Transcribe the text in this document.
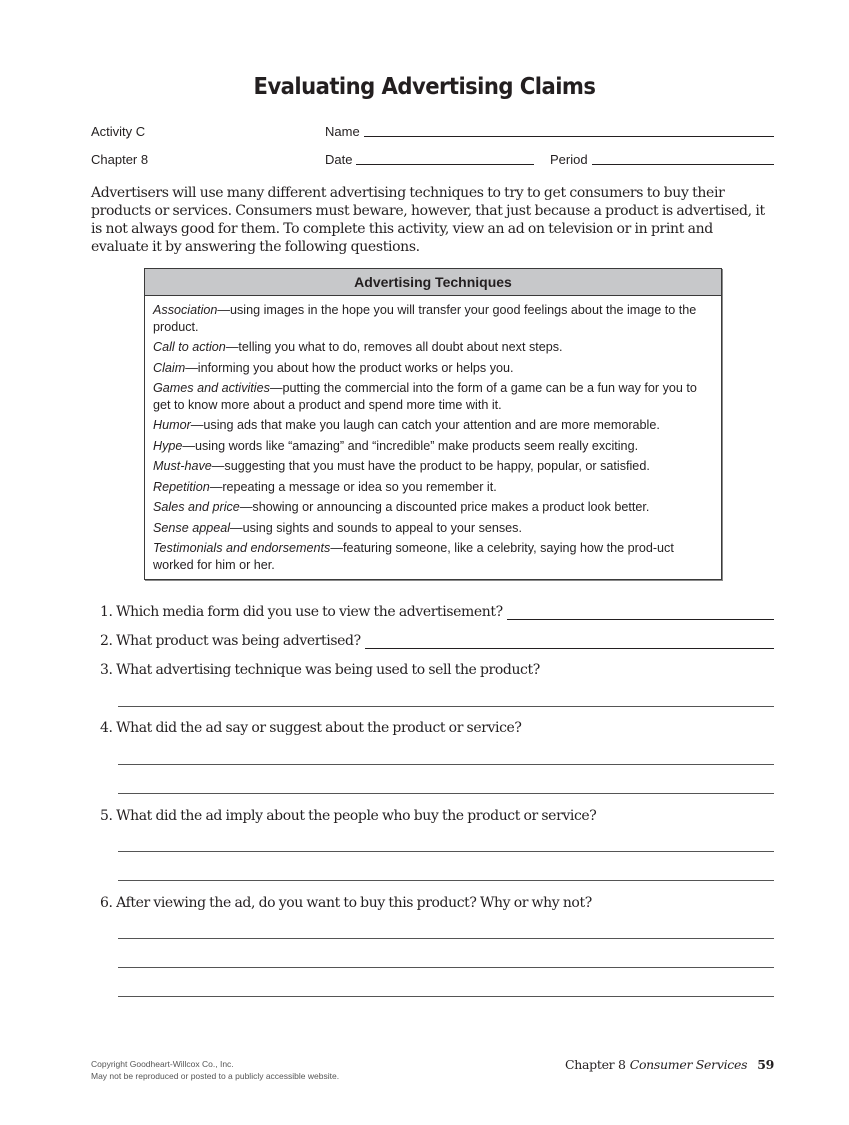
Evaluating Advertising Claims
Activity C
Chapter 8
Name
Date	Period
Advertisers will use many different advertising techniques to try to get consumers to buy their products or services. Consumers must beware, however, that just because a product is advertised, it is not always good for them. To complete this activity, view an ad on television or in print and evaluate it by answering the following questions.
Advertising Techniques
Association—using images in the hope you will transfer your good feelings about the image to the product.
Call to action—telling you what to do, removes all doubt about next steps.
Claim—informing you about how the product works or helps you.
Games and activities—putting the commercial into the form of a game can be a fun way for you to get to know more about a product and spend more time with it.
Humor—using ads that make you laugh can catch your attention and are more memorable.
Hype—using words like “amazing” and “incredible” make products seem really exciting.
Must-have—suggesting that you must have the product to be happy, popular, or satisfied.
Repetition—repeating a message or idea so you remember it.
Sales and price—showing or announcing a discounted price makes a product look better.
Sense appeal—using sights and sounds to appeal to your senses.
Testimonials and endorsements—featuring someone, like a celebrity, saying how the prod-uct worked for him or her.
1.
Which media form did you use to view the advertisement?
2.
What product was being advertised?
3.
What advertising technique was being used to sell the product?
4.
What did the ad say or suggest about the product or service?
5.
What did the ad imply about the people who buy the product or service?
6.
After viewing the ad, do you want to buy this product? Why or why not?
Copyright Goodheart-Willcox Co., Inc.
May not be reproduced or posted to a publicly accessible website.
Chapter 8 Consumer Services 59
